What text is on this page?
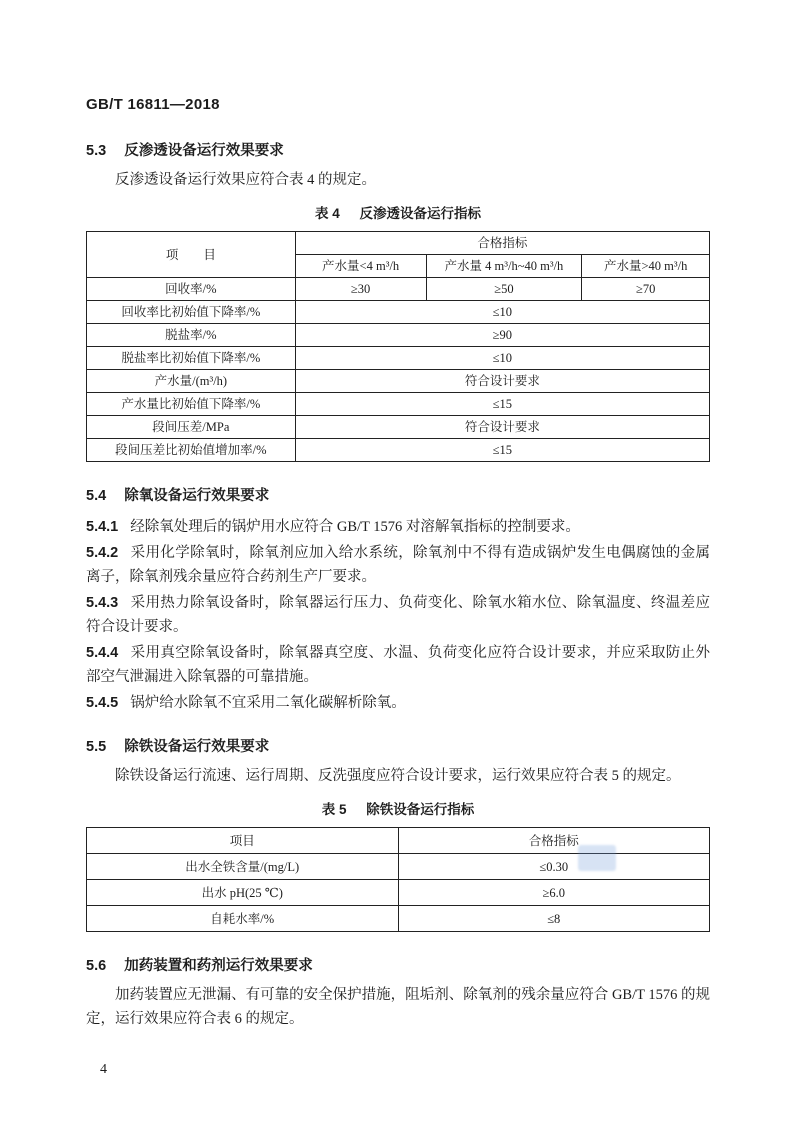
GB/T 16811—2018
5.3 反渗透设备运行效果要求

反渗透设备运行效果应符合表 4 的规定。

表 4 反渗透设备运行指标
项　　目	合格指标		
	产水量<4 m³/h	产水量 4 m³/h~40 m³/h	产水量>40 m³/h
回收率/%	≥30	≥50	≥70
回收率比初始值下降率/%	≤10		
脱盐率/%	≥90		
脱盐率比初始值下降率/%	≤10		
产水量/(m³/h)	符合设计要求		
产水量比初始值下降率/%	≤15		
段间压差/MPa	符合设计要求		
段间压差比初始值增加率/%	≤15		
5.4 除氧设备运行效果要求

5.4.1 经除氧处理后的锅炉用水应符合 GB/T 1576 对溶解氧指标的控制要求。

5.4.2 采用化学除氧时，除氧剂应加入给水系统，除氧剂中不得有造成锅炉发生电偶腐蚀的金属离子，除氧剂残余量应符合药剂生产厂要求。

5.4.3 采用热力除氧设备时，除氧器运行压力、负荷变化、除氧水箱水位、除氧温度、终温差应符合设计要求。

5.4.4 采用真空除氧设备时，除氧器真空度、水温、负荷变化应符合设计要求，并应采取防止外部空气泄漏进入除氧器的可靠措施。

5.4.5 锅炉给水除氧不宜采用二氧化碳解析除氧。

5.5 除铁设备运行效果要求

除铁设备运行流速、运行周期、反洗强度应符合设计要求，运行效果应符合表 5 的规定。

表 5 除铁设备运行指标
项目	合格指标
出水全铁含量/(mg/L)	≤0.30
出水 pH(25 ℃)	≥6.0
自耗水率/%	≤8
5.6 加药装置和药剂运行效果要求

加药装置应无泄漏、有可靠的安全保护措施，阻垢剂、除氧剂的残余量应符合 GB/T 1576 的规定，运行效果应符合表 6 的规定。

4
